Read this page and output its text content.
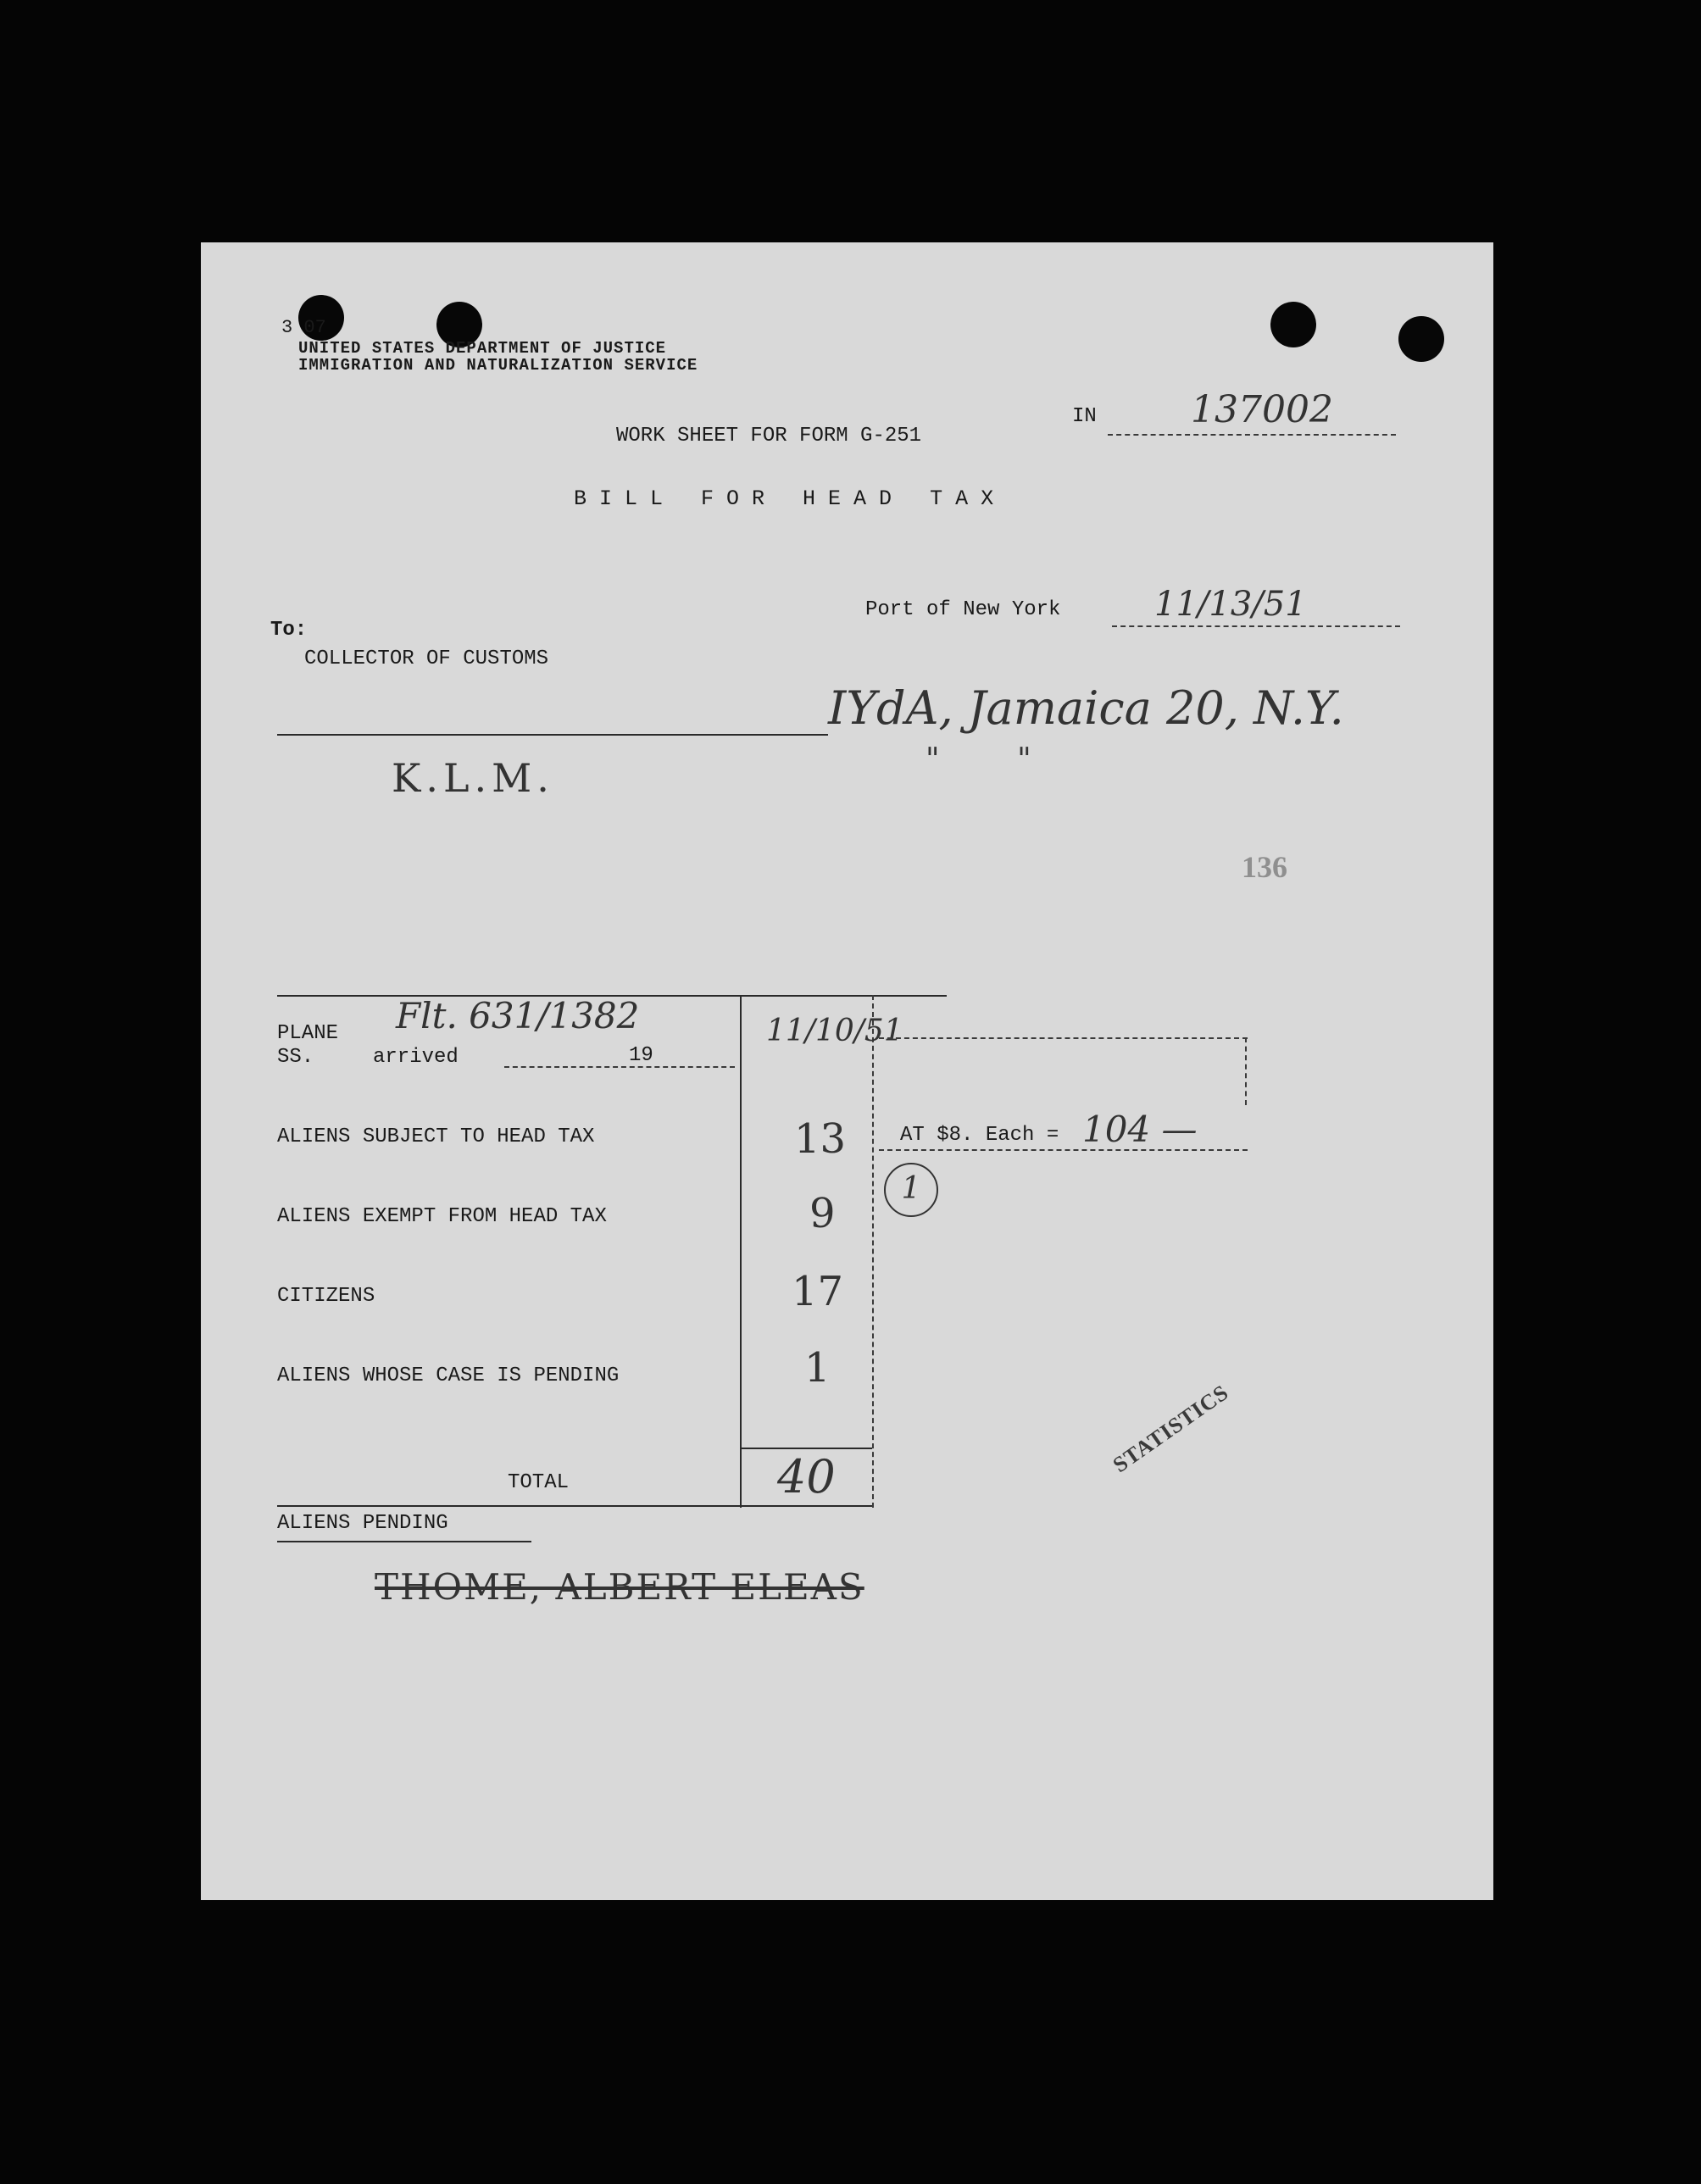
3 07
UNITED STATES DEPARTMENT OF JUSTICE
IMMIGRATION AND NATURALIZATION SERVICE
IN	137002
WORK SHEET FOR FORM G-251
B I L L   F O R   H E A D   T A X
Port of New York	11/13/51
To:
COLLECTOR OF CUSTOMS
IYdA, Jamaica 20, N.Y.
"        "
K.L.M.
136
PLANE
SS.	arrived	19
Flt. 631/1382	11/10/51
AT $8. Each = 104 —
ALIENS SUBJECT TO HEAD TAX	13
ALIENS EXEMPT FROM HEAD TAX	9
1
CITIZENS	17
ALIENS WHOSE CASE IS PENDING	1
TOTAL	40
ALIENS PENDING
THOME, ALBERT ELEAS
STATISTICS
